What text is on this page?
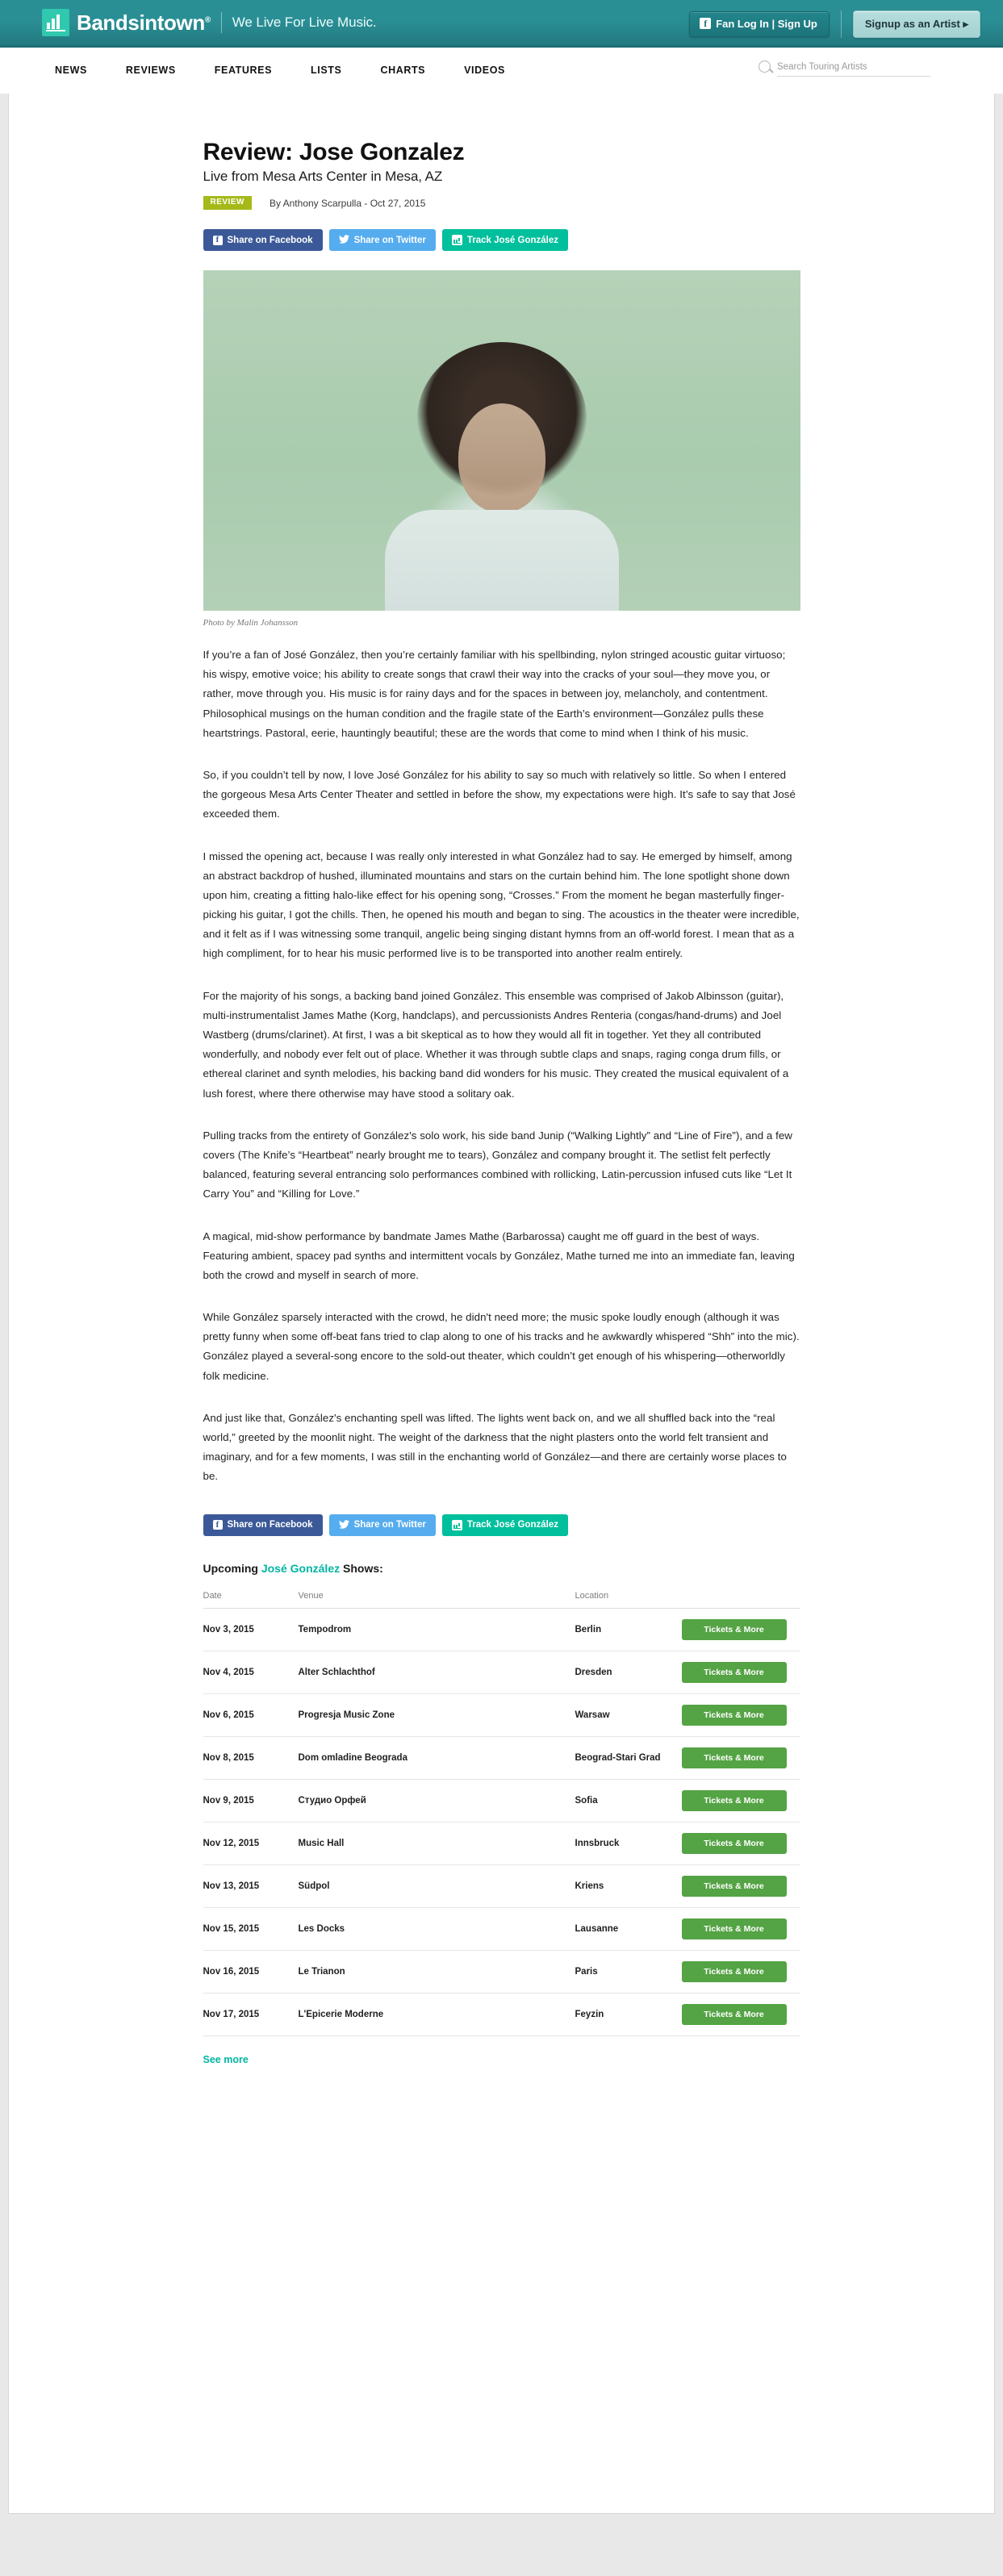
Bandsintown® We Live For Live Music.	f Fan Log In | Sign Up	Signup as an Artist ▸
NEWS	REVIEWS	FEATURES	LISTS	CHARTS	VIDEOS
Search Touring Artists
Review: Jose Gonzalez
Live from Mesa Arts Center in Mesa, AZ
REVIEW	By Anthony Scarpulla - Oct 27, 2015
f Share on Facebook	Share on Twitter	Track José González
Photo by Malin Johansson

If you’re a fan of José González, then you’re certainly familiar with his spellbinding, nylon stringed acoustic guitar virtuoso; his wispy, emotive voice; his ability to create songs that crawl their way into the cracks of your soul—they move you, or rather, move through you. His music is for rainy days and for the spaces in between joy, melancholy, and contentment. Philosophical musings on the human condition and the fragile state of the Earth’s environment—González pulls these heartstrings. Pastoral, eerie, hauntingly beautiful; these are the words that come to mind when I think of his music.

So, if you couldn’t tell by now, I love José González for his ability to say so much with relatively so little. So when I entered the gorgeous Mesa Arts Center Theater and settled in before the show, my expectations were high. It’s safe to say that José exceeded them.

I missed the opening act, because I was really only interested in what González had to say. He emerged by himself, among an abstract backdrop of hushed, illuminated mountains and stars on the curtain behind him. The lone spotlight shone down upon him, creating a fitting halo-like effect for his opening song, “Crosses.” From the moment he began masterfully finger-picking his guitar, I got the chills. Then, he opened his mouth and began to sing. The acoustics in the theater were incredible, and it felt as if I was witnessing some tranquil, angelic being singing distant hymns from an off-world forest. I mean that as a high compliment, for to hear his music performed live is to be transported into another realm entirely.

For the majority of his songs, a backing band joined González. This ensemble was comprised of Jakob Albinsson (guitar), multi-instrumentalist James Mathe (Korg, handclaps), and percussionists Andres Renteria (congas/hand-drums) and Joel Wastberg (drums/clarinet). At first, I was a bit skeptical as to how they would all fit in together. Yet they all contributed wonderfully, and nobody ever felt out of place. Whether it was through subtle claps and snaps, raging conga drum fills, or ethereal clarinet and synth melodies, his backing band did wonders for his music. They created the musical equivalent of a lush forest, where there otherwise may have stood a solitary oak.

Pulling tracks from the entirety of González's solo work, his side band Junip (“Walking Lightly” and “Line of Fire”), and a few covers (The Knife’s “Heartbeat” nearly brought me to tears), González and company brought it. The setlist felt perfectly balanced, featuring several entrancing solo performances combined with rollicking, Latin-percussion infused cuts like “Let It Carry You” and “Killing for Love.”

A magical, mid-show performance by bandmate James Mathe (Barbarossa) caught me off guard in the best of ways. Featuring ambient, spacey pad synths and intermittent vocals by González, Mathe turned me into an immediate fan, leaving both the crowd and myself in search of more.

While González sparsely interacted with the crowd, he didn't need more; the music spoke loudly enough (although it was pretty funny when some off-beat fans tried to clap along to one of his tracks and he awkwardly whispered “Shh” into the mic). González played a several-song encore to the sold-out theater, which couldn’t get enough of his whispering—otherworldly folk medicine.

And just like that, González's enchanting spell was lifted. The lights went back on, and we all shuffled back into the “real world,” greeted by the moonlit night. The weight of the darkness that the night plasters onto the world felt transient and imaginary, and for a few moments, I was still in the enchanting world of González—and there are certainly worse places to be.

f Share on Facebook	Share on Twitter	Track José González
Upcoming José González Shows:
Date	Venue	Location	
Nov 3, 2015	Tempodrom	Berlin	Tickets & More
Nov 4, 2015	Alter Schlachthof	Dresden	Tickets & More
Nov 6, 2015	Progresja Music Zone	Warsaw	Tickets & More
Nov 8, 2015	Dom omladine Beograda	Beograd-Stari Grad	Tickets & More
Nov 9, 2015	Студио Орфей	Sofia	Tickets & More
Nov 12, 2015	Music Hall	Innsbruck	Tickets & More
Nov 13, 2015	Südpol	Kriens	Tickets & More
Nov 15, 2015	Les Docks	Lausanne	Tickets & More
Nov 16, 2015	Le Trianon	Paris	Tickets & More
Nov 17, 2015	L'Epicerie Moderne	Feyzin	Tickets & More
See more
